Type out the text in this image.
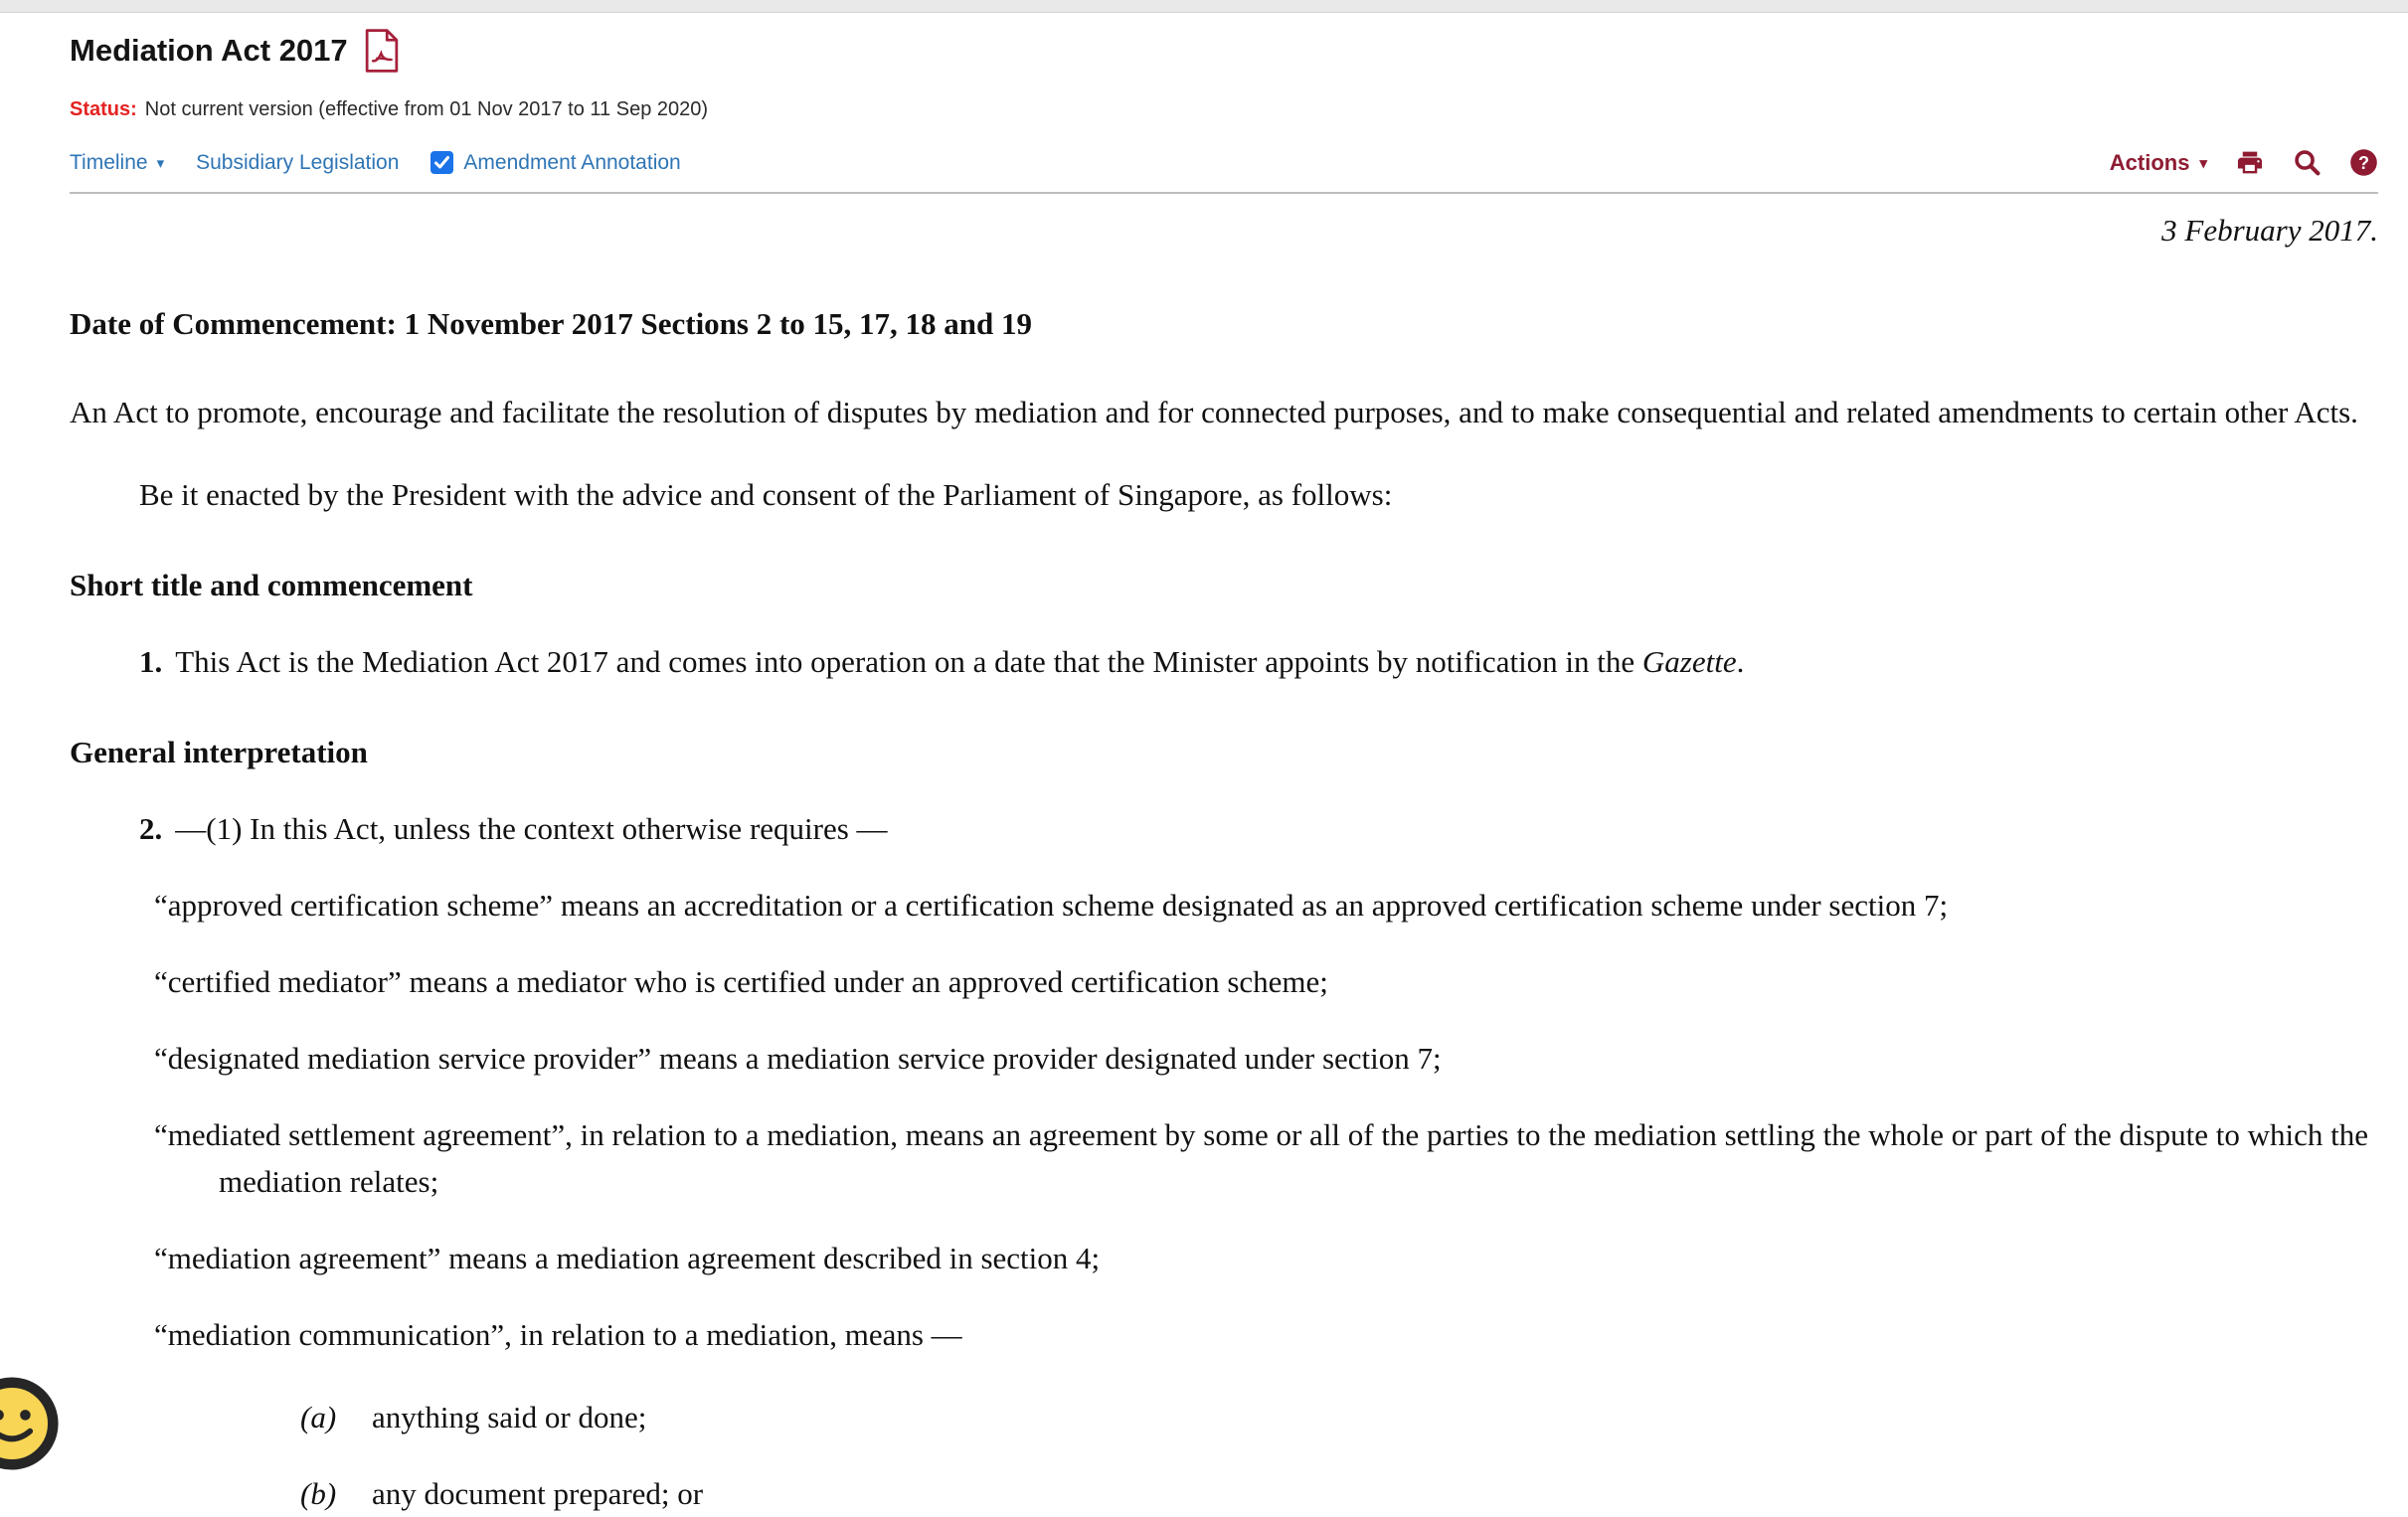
Mediation Act 2017
Status: Not current version (effective from 01 Nov 2017 to 11 Sep 2020)
Timeline ▾ Subsidiary Legislation	Amendment Annotation	Actions ▾	?

3 February 2017.

Date of Commencement: 1 November 2017 Sections 2 to 15, 17, 18 and 19

An Act to promote, encourage and facilitate the resolution of disputes by mediation and for connected purposes, and to make consequential and related amendments to certain other Acts.

Be it enacted by the President with the advice and consent of the Parliament of Singapore, as follows:

Short title and commencement

1. This Act is the Mediation Act 2017 and comes into operation on a date that the Minister appoints by notification in the Gazette.

General interpretation

2. —(1) In this Act, unless the context otherwise requires —

“approved certification scheme” means an accreditation or a certification scheme designated as an approved certification scheme under section 7;

“certified mediator” means a mediator who is certified under an approved certification scheme;

“designated mediation service provider” means a mediation service provider designated under section 7;

“mediated settlement agreement”, in relation to a mediation, means an agreement by some or all of the parties to the mediation settling the whole or part of the dispute to which the mediation relates;

“mediation agreement” means a mediation agreement described in section 4;

“mediation communication”, in relation to a mediation, means —

(a) anything said or done;
(b) any document prepared; or
